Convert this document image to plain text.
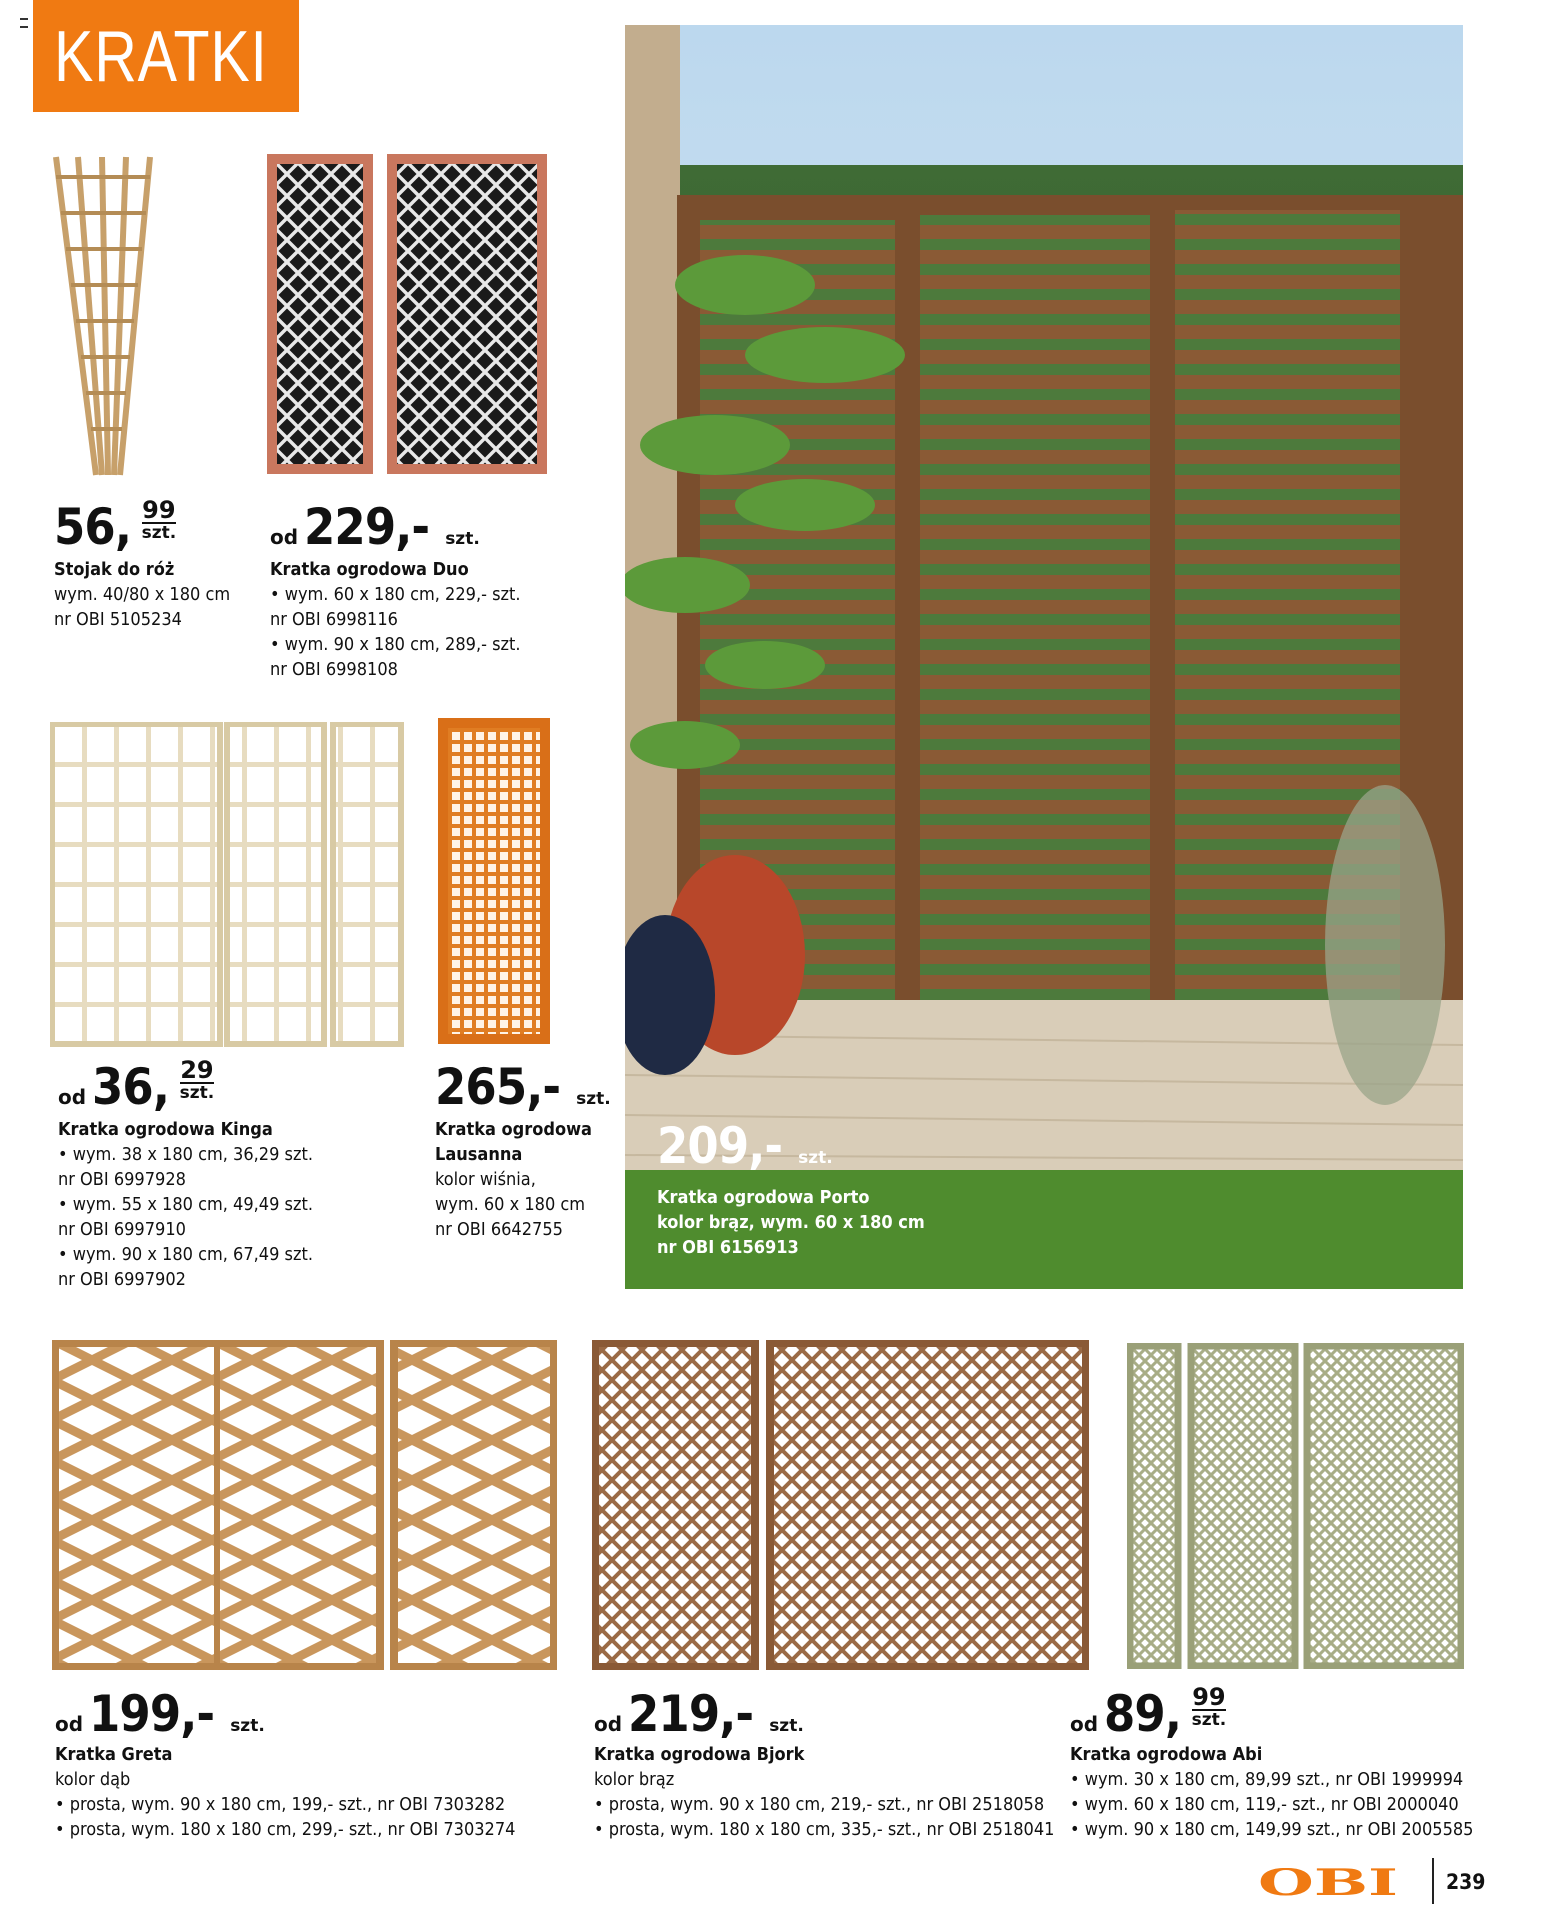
KRATKI
56, 99
szt.
Stojak do róż
wym. 40/80 x 180 cm
nr OBI 5105234
od 229,- szt.
Kratka ogrodowa Duo
• wym. 60 x 180 cm, 229,- szt.
nr OBI 6998116
• wym. 90 x 180 cm, 289,- szt.
nr OBI 6998108
od 36, 29
szt.
Kratka ogrodowa Kinga
• wym. 38 x 180 cm, 36,29 szt.
nr OBI 6997928
• wym. 55 x 180 cm, 49,49 szt.
nr OBI 6997910
• wym. 90 x 180 cm, 67,49 szt.
nr OBI 6997902
265,- szt.
Kratka ogrodowa
Lausanna
kolor wiśnia,
wym. 60 x 180 cm
nr OBI 6642755
209,- szt.
Kratka ogrodowa Porto
kolor brąz, wym. 60 x 180 cm
nr OBI 6156913
od 199,- szt.
Kratka Greta
kolor dąb
• prosta, wym. 90 x 180 cm, 199,- szt., nr OBI 7303282
• prosta, wym. 180 x 180 cm, 299,- szt., nr OBI 7303274
od 219,- szt.
Kratka ogrodowa Bjork
kolor brąz
• prosta, wym. 90 x 180 cm, 219,- szt., nr OBI 2518058
• prosta, wym. 180 x 180 cm, 335,- szt., nr OBI 2518041
od 89, 99
szt.
Kratka ogrodowa Abi
• wym. 30 x 180 cm, 89,99 szt., nr OBI 1999994
• wym. 60 x 180 cm, 119,- szt., nr OBI 2000040
• wym. 90 x 180 cm, 149,99 szt., nr OBI 2005585
OBI 239
